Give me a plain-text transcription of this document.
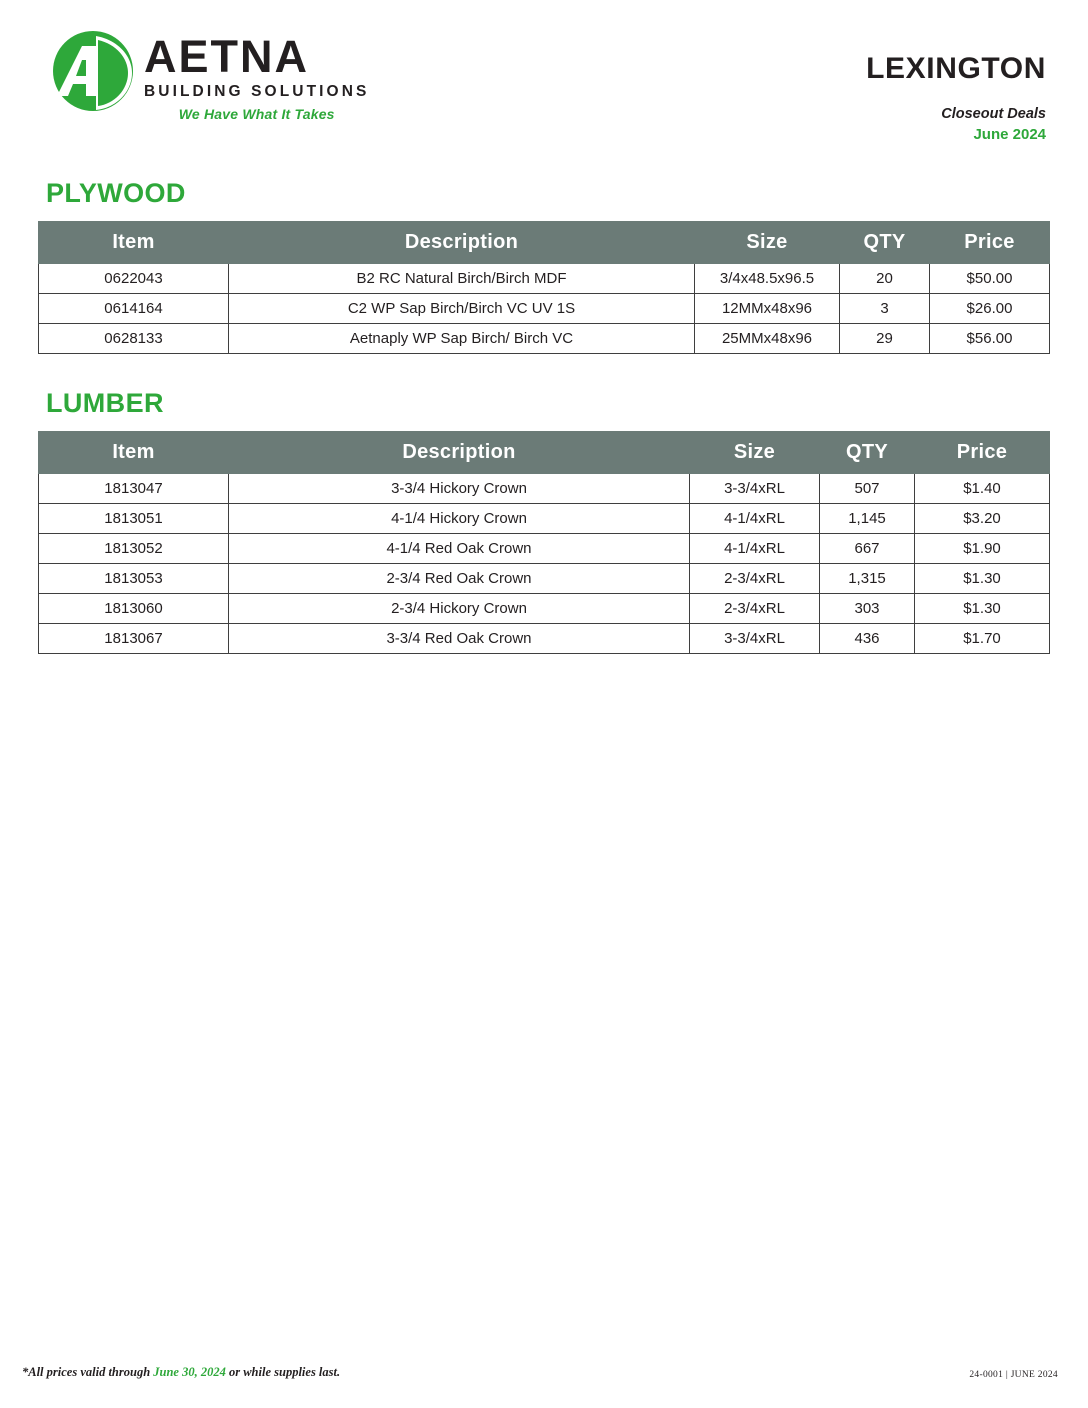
AETNA
BUILDING SOLUTIONS
We Have What It Takes
LEXINGTON
Closeout Deals
June 2024
PLYWOOD
Item	Description	Size	QTY	Price
0622043	B2 RC Natural Birch/Birch MDF	3/4x48.5x96.5	20	$50.00
0614164	C2 WP Sap Birch/Birch VC UV 1S	12MMx48x96	3	$26.00
0628133	Aetnaply WP Sap Birch/ Birch VC	25MMx48x96	29	$56.00
LUMBER
Item	Description	Size	QTY	Price
1813047	3-3/4 Hickory Crown	3-3/4xRL	507	$1.40
1813051	4-1/4 Hickory Crown	4-1/4xRL	1,145	$3.20
1813052	4-1/4 Red Oak Crown	4-1/4xRL	667	$1.90
1813053	2-3/4 Red Oak Crown	2-3/4xRL	1,315	$1.30
1813060	2-3/4 Hickory Crown	2-3/4xRL	303	$1.30
1813067	3-3/4 Red Oak Crown	3-3/4xRL	436	$1.70
*All prices valid through June 30, 2024 or while supplies last.	24-0001 | JUNE 2024
